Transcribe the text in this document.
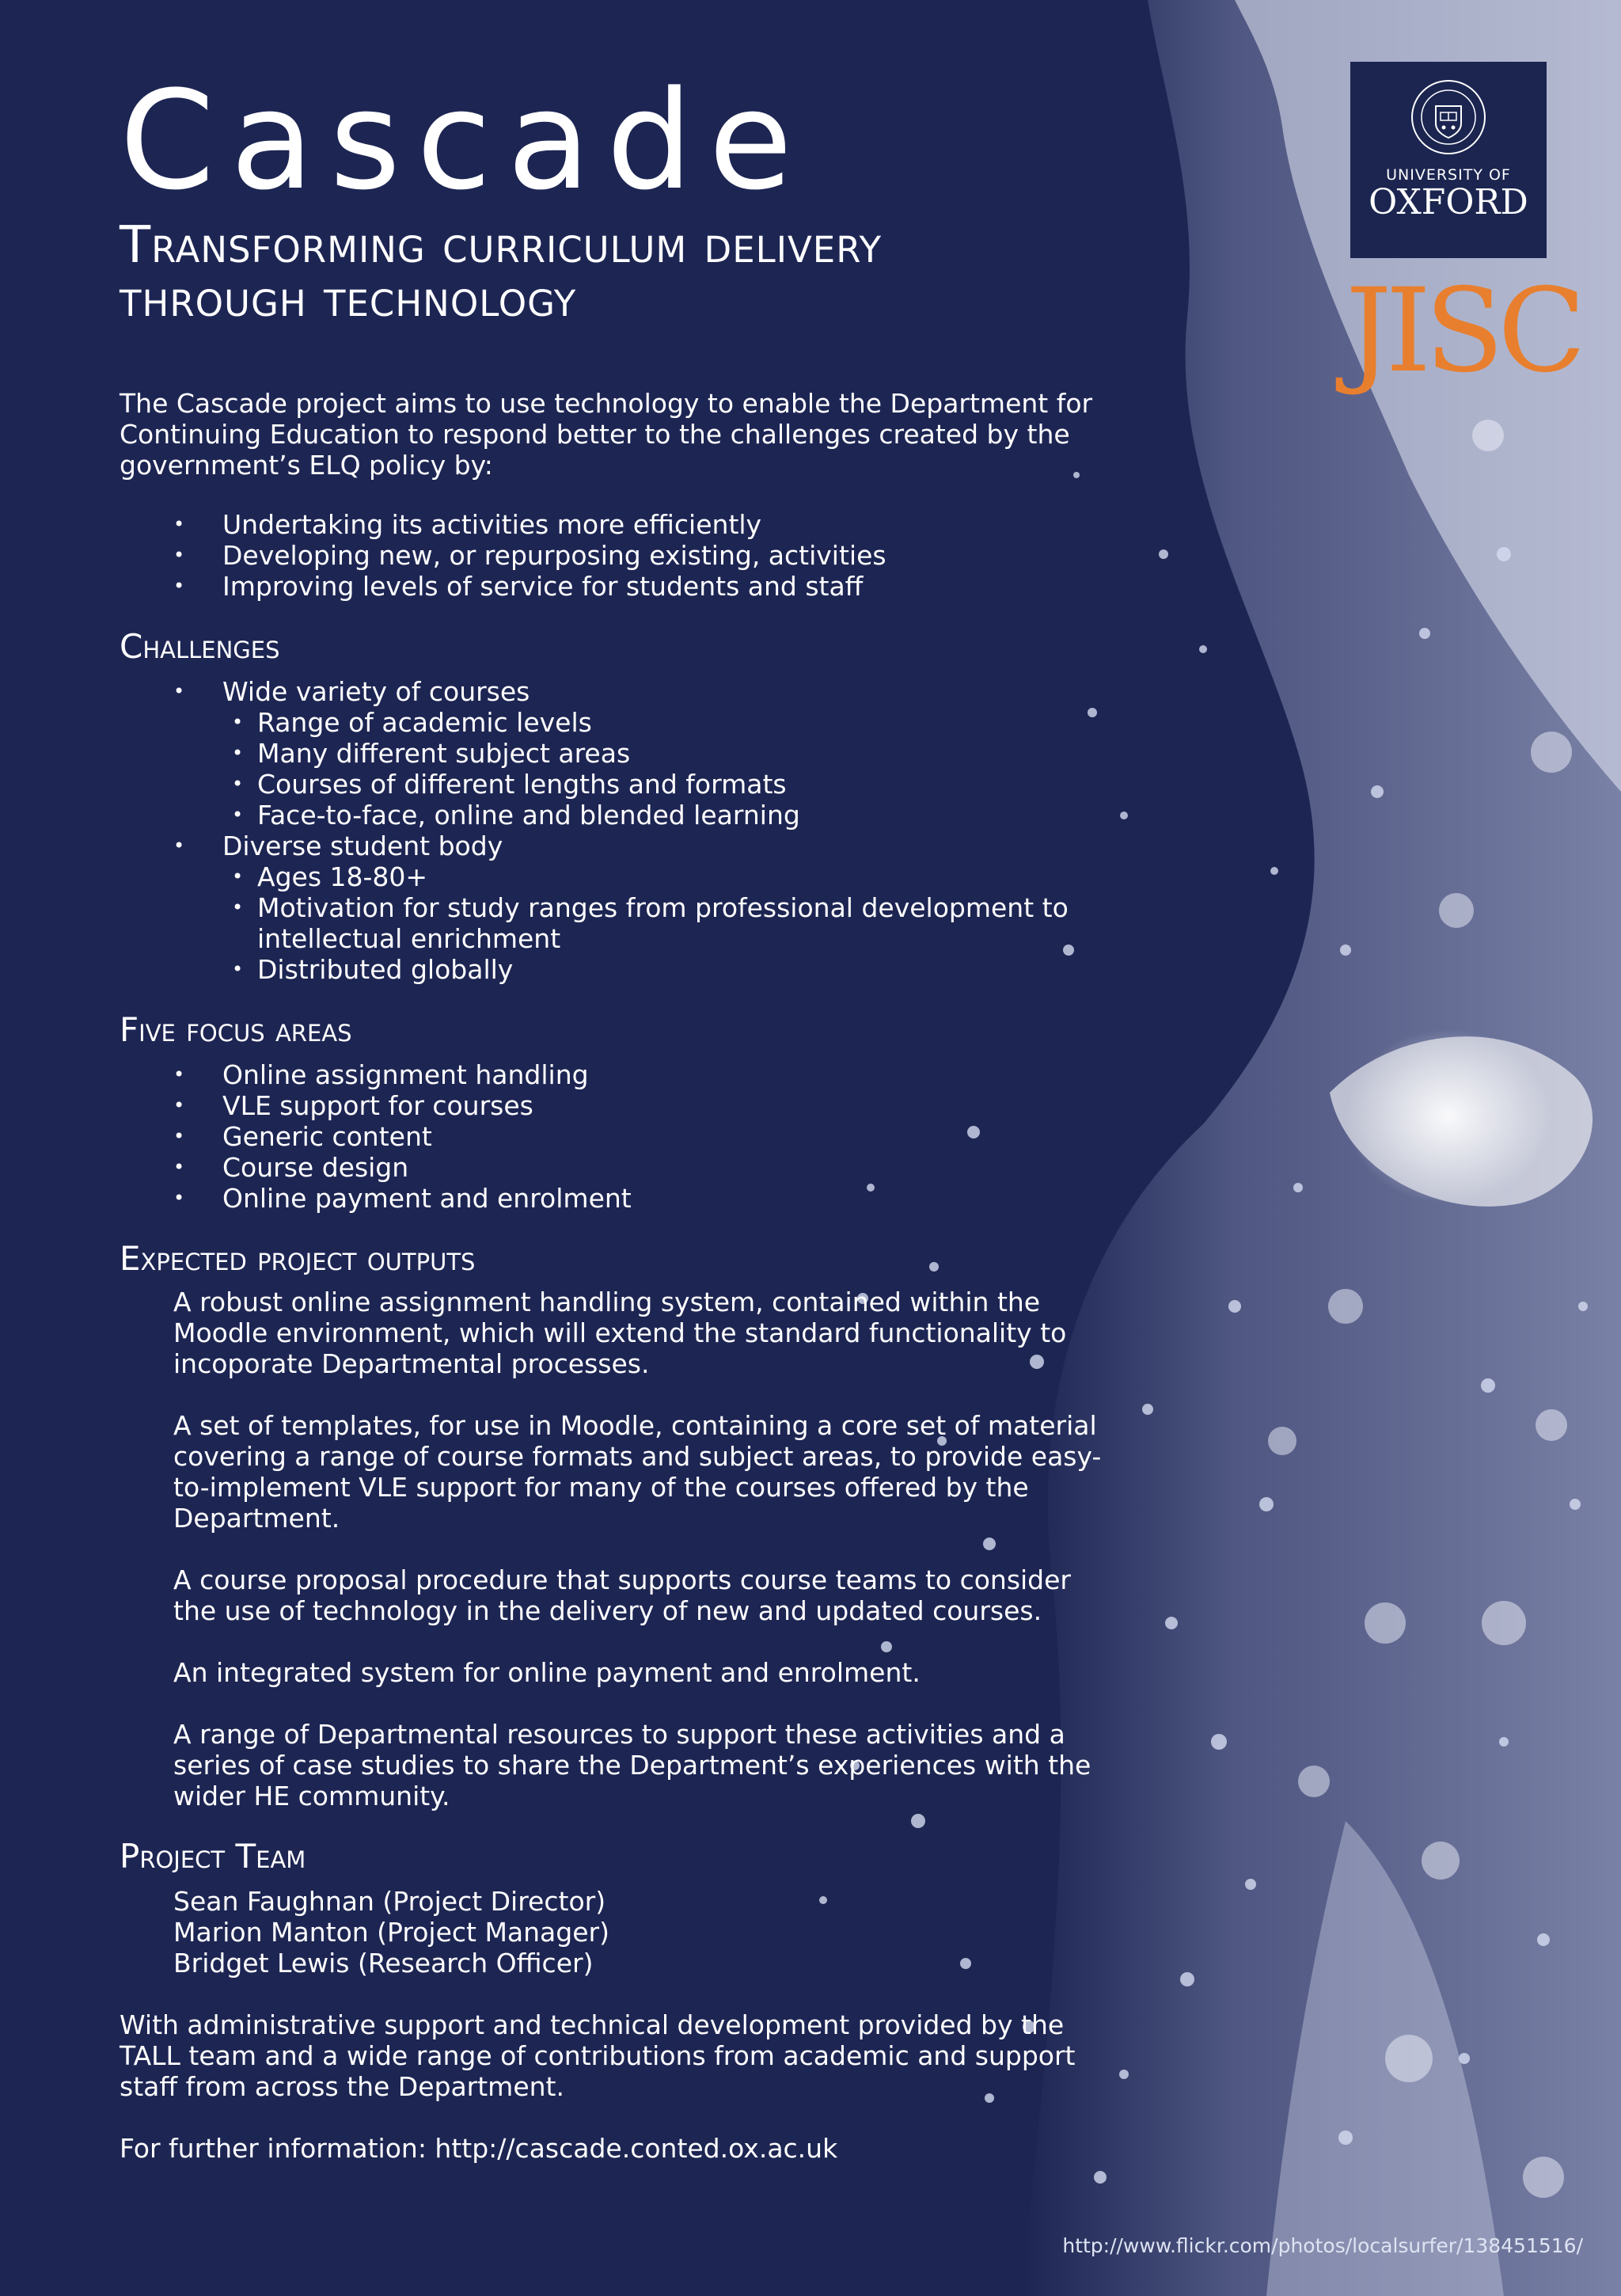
UNIVERSITY OF
OXFORD
JISC
Cascade
Transforming curriculum delivery
through technology

The Cascade project aims to use technology to enable the Department for Continuing Education to respond better to the challenges created by the government’s ELQ policy by:

• Undertaking its activities more efficiently
• Developing new, or repurposing existing, activities
• Improving levels of service for students and staff
Challenges
• Wide variety of courses
• Range of academic levels
• Many different subject areas
• Courses of different lengths and formats
• Face-to-face, online and blended learning
• Diverse student body
• Ages 18-80+
• Motivation for study ranges from professional development to intellectual enrichment
• Distributed globally
Five focus areas
• Online assignment handling
• VLE support for courses
• Generic content
• Course design
• Online payment and enrolment
Expected project outputs

A robust online assignment handling system, contained within the Moodle environment, which will extend the standard functionality to incoporate Departmental processes.

A set of templates, for use in Moodle, containing a core set of material covering a range of course formats and subject areas, to provide easy-to-implement VLE support for many of the courses offered by the Department.

A course proposal procedure that supports course teams to consider the use of technology in the delivery of new and updated courses.

An integrated system for online payment and enrolment.

A range of Departmental resources to support these activities and a series of case studies to share the Department’s experiences with the wider HE community.

Project Team
Sean Faughnan (Project Director)
Marion Manton (Project Manager)
Bridget Lewis (Research Officer)

With administrative support and technical development provided by the TALL team and a wide range of contributions from academic and support staff from across the Department.

For further information: http://cascade.conted.ox.ac.uk

http://www.flickr.com/photos/localsurfer/138451516/
